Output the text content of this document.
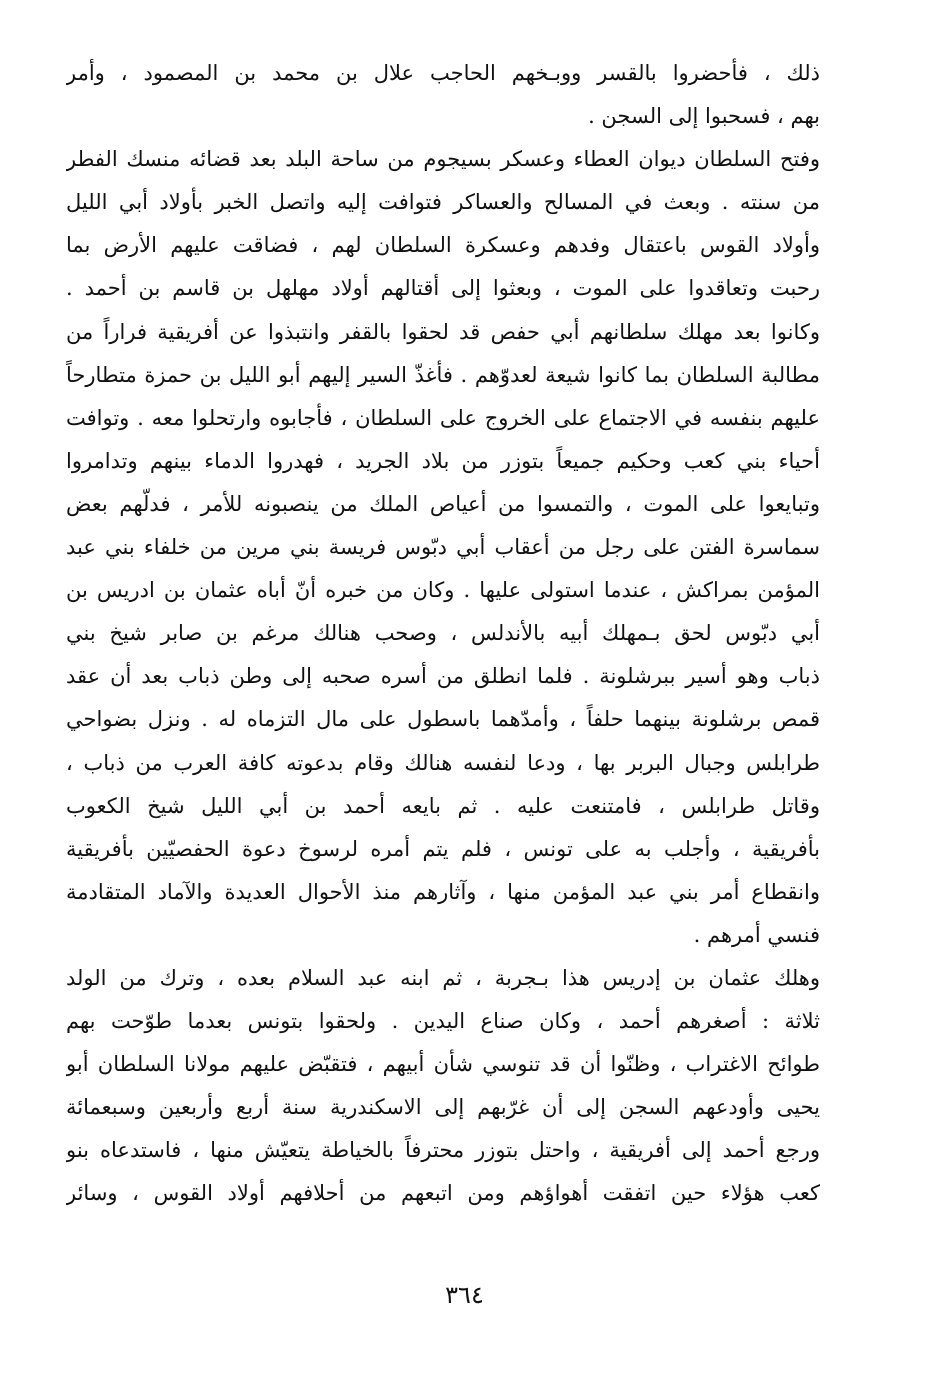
ذلك ، فأحضروا بالقسر ووبـخهم الحاجب علال بن محمد بن المصمود ، وأمر
بهم ، فسحبوا إلى السجن .
وفتح السلطان ديوان العطاء وعسكر بسيجوم من ساحة البلد بعد قضائه منسك الفطر
من سنته . وبعث في المسالح والعساكر فتوافت إليه واتصل الخبر بأولاد أبي الليل
وأولاد القوس باعتقال وفدهم وعسكرة السلطان لهم ، فضاقت عليهم الأرض بما
رحبت وتعاقدوا على الموت ، وبعثوا إلى أقتالهم أولاد مهلهل بن قاسم بن أحمد .
وكانوا بعد مهلك سلطانهم أبي حفص قد لحقوا بالقفر وانتبذوا عن أفريقية فراراً من
مطالبة السلطان بما كانوا شيعة لعدوّهم . فأغذّ السير إليهم أبو الليل بن حمزة متطارحاً
عليهم بنفسه في الاجتماع على الخروج على السلطان ، فأجابوه وارتحلوا معه . وتوافت
أحياء بني كعب وحكيم جميعاً بتوزر من بلاد الجريد ، فهدروا الدماء بينهم وتدامروا
وتبايعوا على الموت ، والتمسوا من أعياص الملك من ينصبونه للأمر ، فدلّهم بعض
سماسرة الفتن على رجل من أعقاب أبي دبّوس فريسة بني مرين من خلفاء بني عبد
المؤمن بمراكش ، عندما استولى عليها . وكان من خبره أنّ أباه عثمان بن ادريس بن
أبي دبّوس لحق بـمهلك أبيه بالأندلس ، وصحب هنالك مرغم بن صابر شيخ بني
ذباب وهو أسير ببرشلونة . فلما انطلق من أسره صحبه إلى وطن ذباب بعد أن عقد
قمص برشلونة بينهما حلفاً ، وأمدّهما باسطول على مال التزماه له . ونزل بضواحي
طرابلس وجبال البربر بها ، ودعا لنفسه هنالك وقام بدعوته كافة العرب من ذباب ،
وقاتل طرابلس ، فامتنعت عليه . ثم بايعه أحمد بن أبي الليل شيخ الكعوب
بأفريقية ، وأجلب به على تونس ، فلم يتم أمره لرسوخ دعوة الحفصيّين بأفريقية
وانقطاع أمر بني عبد المؤمن منها ، وآثارهم منذ الأحوال العديدة والآماد المتقادمة
فنسي أمرهم .
وهلك عثمان بن إدريس هذا بـجربة ، ثم ابنه عبد السلام بعده ، وترك من الولد
ثلاثة : أصغرهم أحمد ، وكان صناع اليدين . ولحقوا بتونس بعدما طوّحت بهم
طوائح الاغتراب ، وظنّوا أن قد تنوسي شأن أبيهم ، فتقبّض عليهم مولانا السلطان أبو
يحيى وأودعهم السجن إلى أن غرّبهم إلى الاسكندرية سنة أربع وأربعين وسبعمائة
ورجع أحمد إلى أفريقية ، واحتل بتوزر محترفاً بالخياطة يتعيّش منها ، فاستدعاه بنو
كعب هؤلاء حين اتفقت أهواؤهم ومن اتبعهم من أحلافهم أولاد القوس ، وسائر
٣٦٤
